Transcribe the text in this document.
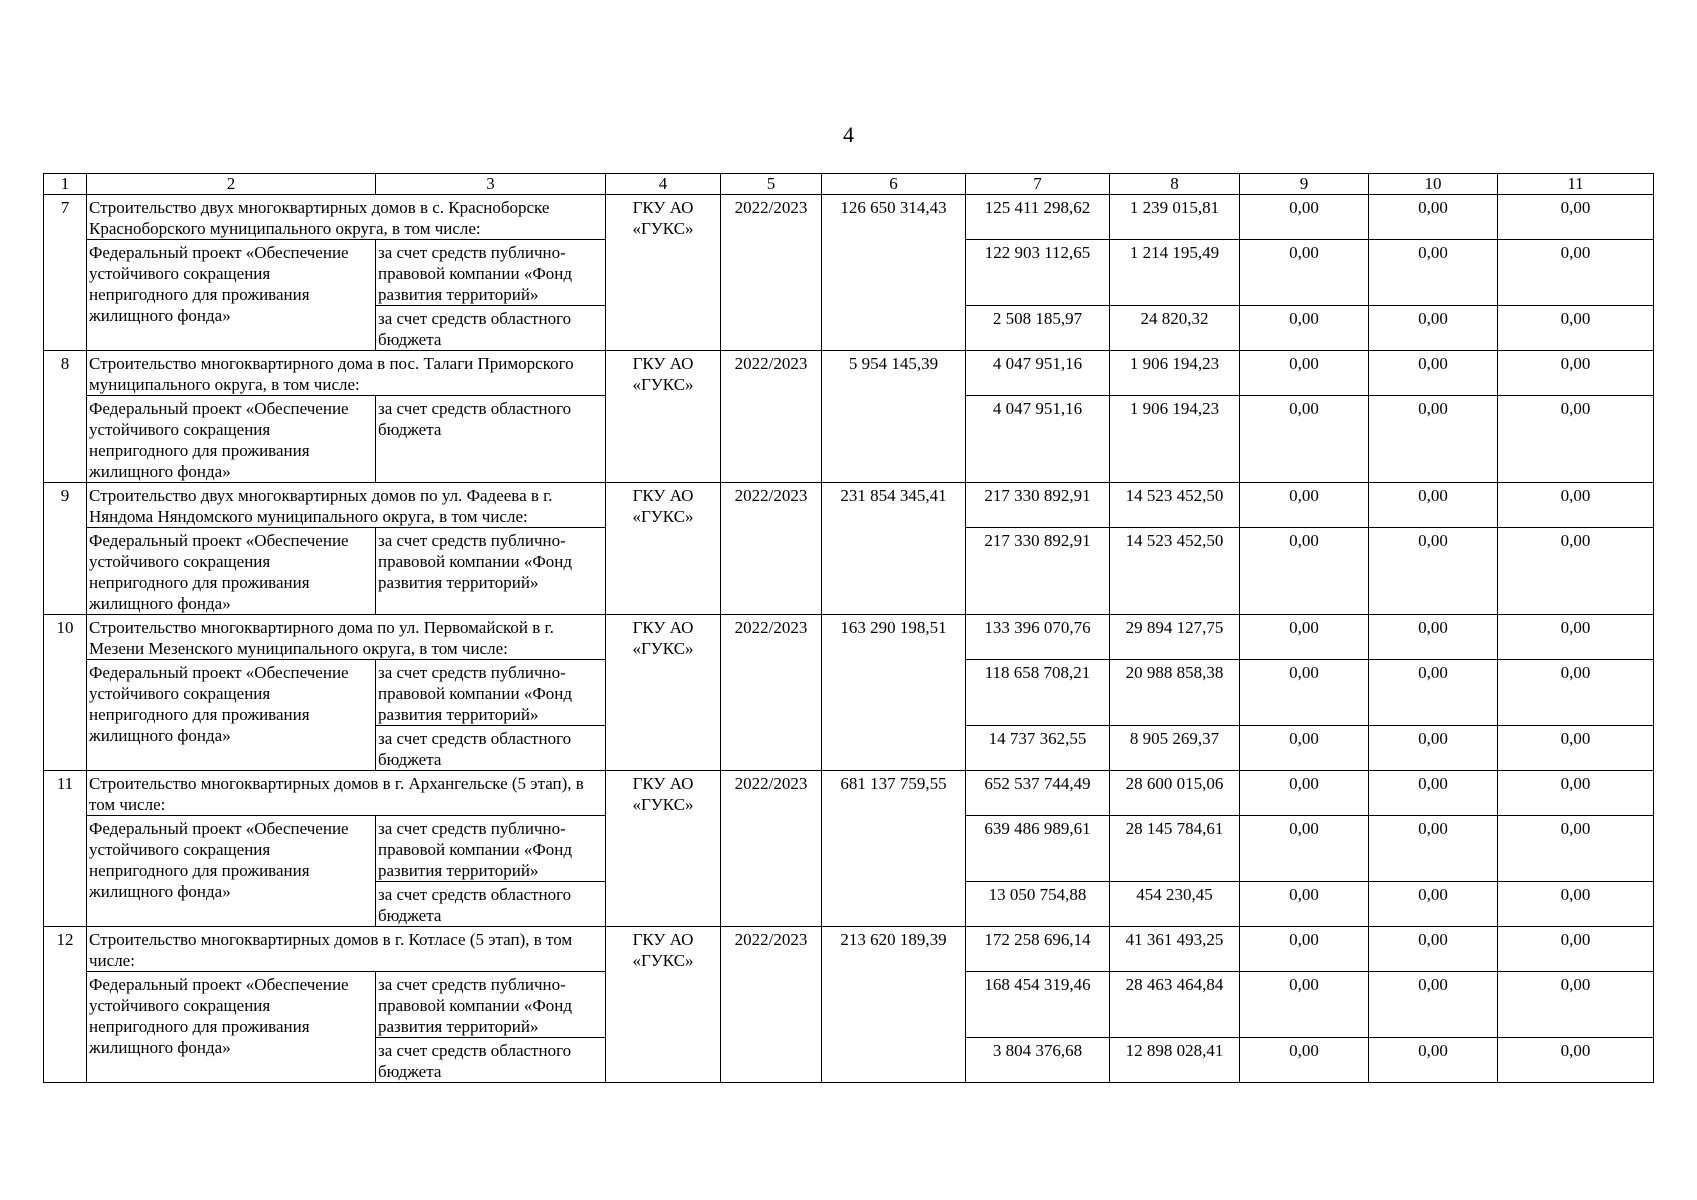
4
1	2	3	4	5	6	7	8	9	10	11
7	Строительство двух многоквартирных домов в с. Красноборске Красноборского муниципального округа, в том числе:		ГКУ АО «ГУКС»	2022/2023	126 650 314,43	125 411 298,62	1 239 015,81	0,00	0,00	0,00
	Федеральный проект «Обеспечение устойчивого сокращения непригодного для проживания жилищного фонда»	за счет средств публично-правовой компании «Фонд развития территорий»				122 903 112,65	1 214 195,49	0,00	0,00	0,00
		за счет средств областного бюджета				2 508 185,97	24 820,32	0,00	0,00	0,00
8	Строительство многоквартирного дома в пос. Талаги Приморского муниципального округа, в том числе:		ГКУ АО «ГУКС»	2022/2023	5 954 145,39	4 047 951,16	1 906 194,23	0,00	0,00	0,00
	Федеральный проект «Обеспечение устойчивого сокращения непригодного для проживания жилищного фонда»	за счет средств областного бюджета				4 047 951,16	1 906 194,23	0,00	0,00	0,00
9	Строительство двух многоквартирных домов по ул. Фадеева в г. Няндома Няндомского муниципального округа, в том числе:		ГКУ АО «ГУКС»	2022/2023	231 854 345,41	217 330 892,91	14 523 452,50	0,00	0,00	0,00
	Федеральный проект «Обеспечение устойчивого сокращения непригодного для проживания жилищного фонда»	за счет средств публично-правовой компании «Фонд развития территорий»				217 330 892,91	14 523 452,50	0,00	0,00	0,00
10	Строительство многоквартирного дома по ул. Первомайской в г. Мезени Мезенского муниципального округа, в том числе:		ГКУ АО «ГУКС»	2022/2023	163 290 198,51	133 396 070,76	29 894 127,75	0,00	0,00	0,00
	Федеральный проект «Обеспечение устойчивого сокращения непригодного для проживания жилищного фонда»	за счет средств публично-правовой компании «Фонд развития территорий»				118 658 708,21	20 988 858,38	0,00	0,00	0,00
		за счет средств областного бюджета				14 737 362,55	8 905 269,37	0,00	0,00	0,00
11	Строительство многоквартирных домов в г. Архангельске (5 этап), в том числе:		ГКУ АО «ГУКС»	2022/2023	681 137 759,55	652 537 744,49	28 600 015,06	0,00	0,00	0,00
	Федеральный проект «Обеспечение устойчивого сокращения непригодного для проживания жилищного фонда»	за счет средств публично-правовой компании «Фонд развития территорий»				639 486 989,61	28 145 784,61	0,00	0,00	0,00
		за счет средств областного бюджета				13 050 754,88	454 230,45	0,00	0,00	0,00
12	Строительство многоквартирных домов в г. Котласе (5 этап), в том числе:		ГКУ АО «ГУКС»	2022/2023	213 620 189,39	172 258 696,14	41 361 493,25	0,00	0,00	0,00
	Федеральный проект «Обеспечение устойчивого сокращения непригодного для проживания жилищного фонда»	за счет средств публично-правовой компании «Фонд развития территорий»				168 454 319,46	28 463 464,84	0,00	0,00	0,00
		за счет средств областного бюджета				3 804 376,68	12 898 028,41	0,00	0,00	0,00
